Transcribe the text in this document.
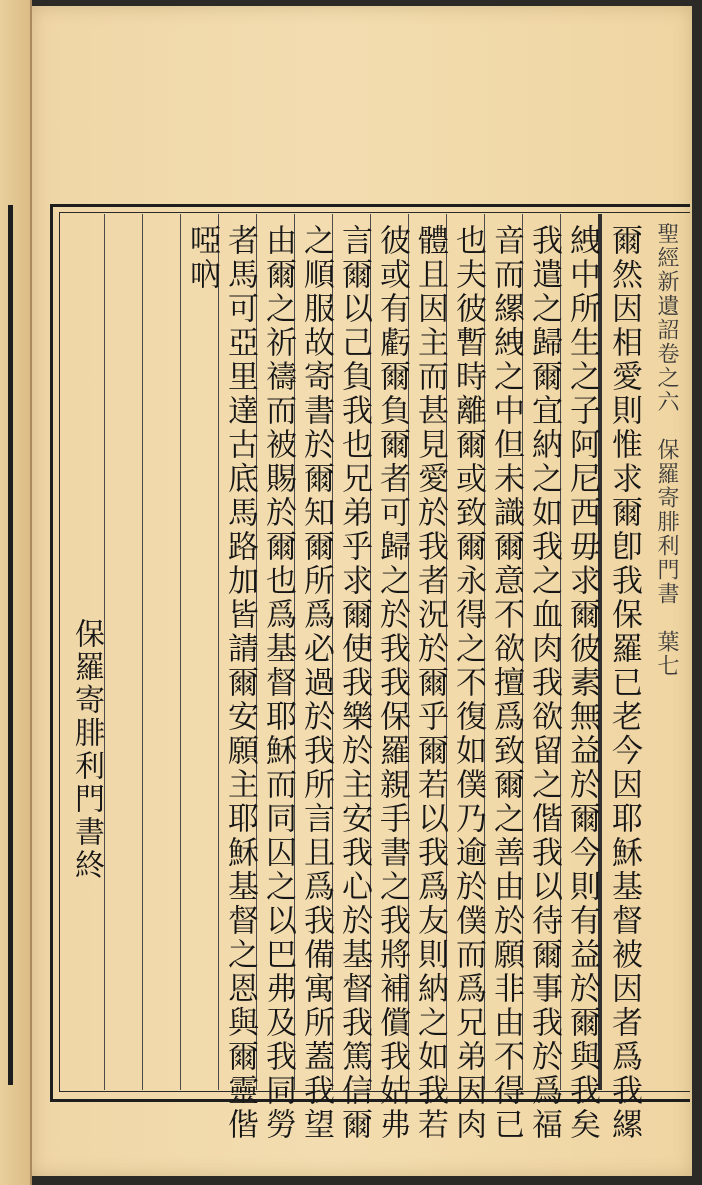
聖經新遺詔卷之六　保羅寄腓利門書　葉七
爾然因相愛則惟求爾卽我保羅已老今因耶穌基督被因者爲我縲
絏中所生之子阿尼西毋求爾彼素無益於爾今則有益於爾與我矣
我遣之歸爾宜納之如我之血肉我欲留之偕我以待爾事我於爲福
音而縲絏之中但未識爾意不欲擅爲致爾之善由於願非由不得已
也夫彼暫時離爾或致爾永得之不復如僕乃逾於僕而爲兄弟因肉
體且因主而甚見愛於我者況於爾乎爾若以我爲友則納之如我若
彼或有虧爾負爾者可歸之於我我保羅親手書之我將補償我姑弗
言爾以己負我也兄弟乎求爾使我樂於主安我心於基督我篤信爾
之順服故寄書於爾知爾所爲必過於我所言且爲我備寓所蓋我望
由爾之祈禱而被賜於爾也爲基督耶穌而同囚之以巴弗及我同勞
者馬可亞里達古底馬路加皆請爾安願主耶穌基督之恩與爾靈偕
啞吶
保羅寄腓利門書終
